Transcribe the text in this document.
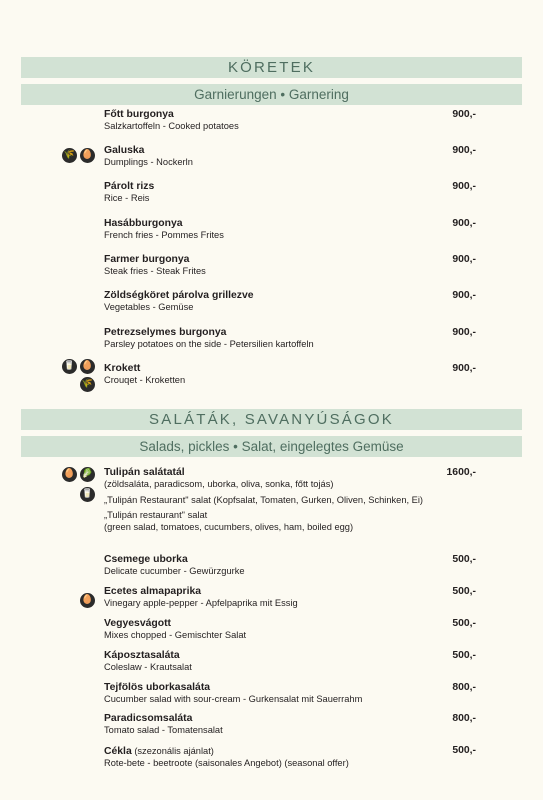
KÖRETEK
Garnierungen • Garnering
Főtt burgonya
Salzkartoffeln - Cooked potatoes
900,-
🌾 🥚 Galuska
Dumplings - Nockerln
900,-
Párolt rizs
Rice - Reis
900,-
Hasábburgonya
French fries - Pommes Frites
900,-
Farmer burgonya
Steak fries - Steak Frites
900,-
Zöldségköret párolva grillezve
Vegetables - Gemüse
900,-
Petrezselymes burgonya
Parsley potatoes on the side - Petersilien kartoffeln
900,-
🥛 🥚
🌾
Krokett
Crouqet - Kroketten
900,-
SALÁTÁK, SAVANYÚSÁGOK
Salads, pickles • Salat, eingelegtes Gemüse
🥚 🥬
🥛
Tulipán salátatál
(zöldsaláta, paradicsom, uborka, oliva, sonka, főtt tojás)
„Tulipán Restaurant" salat (Kopfsalat, Tomaten, Gurken, Oliven, Schinken, Ei)
„Tulipán restaurant" salat
(green salad, tomatoes, cucumbers, olives, ham, boiled egg)
1600,-
Csemege uborka
Delicate cucumber - Gewürzgurke
500,-
🥚
Ecetes almapaprika
Vinegary apple-pepper - Apfelpaprika mit Essig
500,-
Vegyesvágott
Mixes chopped - Gemischter Salat
500,-
Káposztasaláta
Coleslaw - Krautsalat
500,-
Tejfölös uborkasaláta
Cucumber salad with sour-cream - Gurkensalat mit Sauerrahm
800,-
Paradicsomsaláta
Tomato salad - Tomatensalat
800,-
Cékla (szezonális ajánlat)
Rote-bete - beetroote (saisonales Angebot) (seasonal offer)
500,-
